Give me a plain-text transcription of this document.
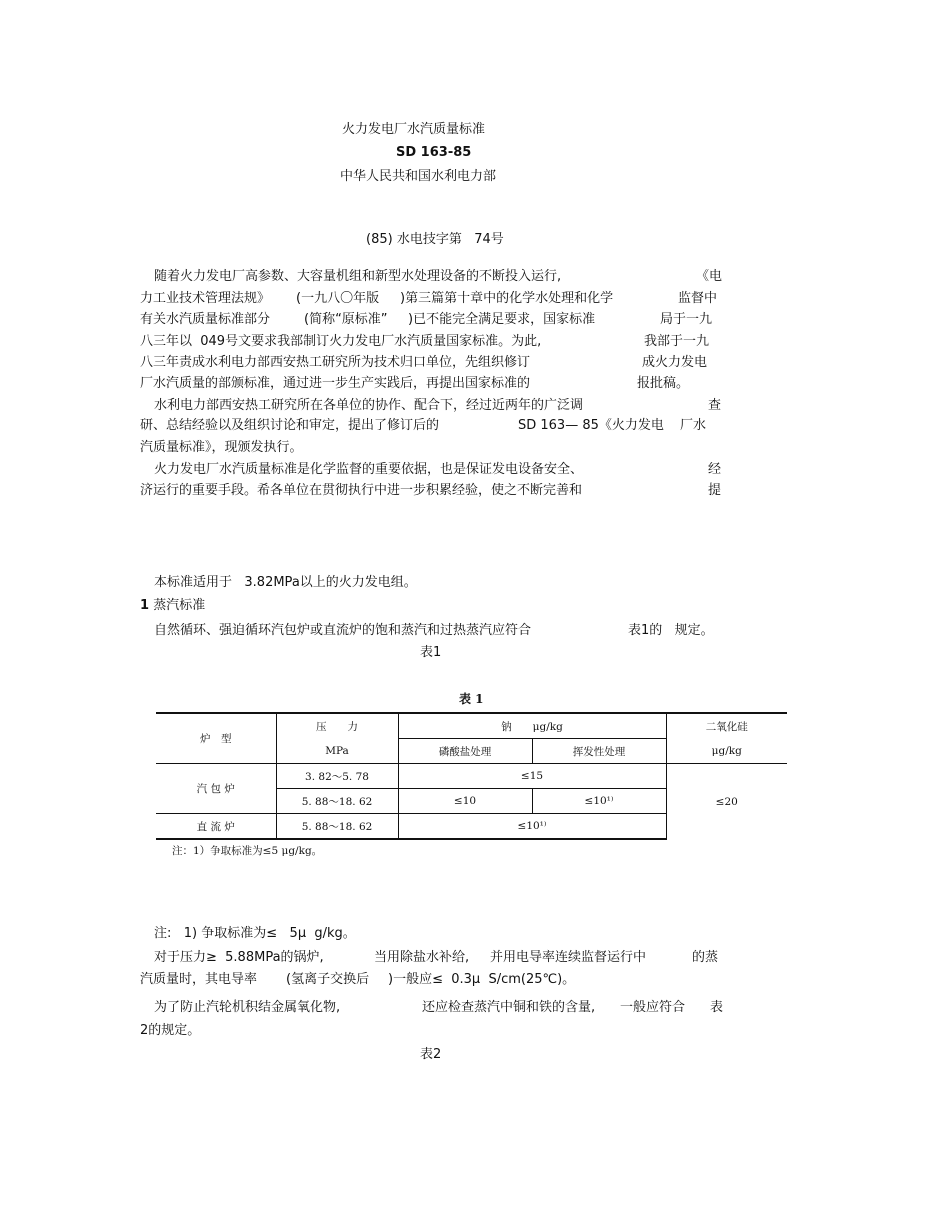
火力发电厂水汽质量标准
SD 163-85
中华人民共和国水利电力部
(85) 水电技字第   74号
随着火力发电厂高参数、大容量机组和新型水处理设备的不断投入运行,	《电
力工业技术管理法规》 (一九八〇年版 )第三篇第十章中的化学水处理和化学	监督中
有关水汽质量标准部分	(简称“原标准” )已不能完全满足要求，国家标准	局于一九
八三年以  049号文要求我部制订火力发电厂水汽质量国家标准。为此,	我部于一九
八三年责成水利电力部西安热工研究所为技术归口单位，先组织修订	成火力发电
厂水汽质量的部颁标准，通过进一步生产实践后，再提出国家标准的	报批稿。
水利电力部西安热工研究所在各单位的协作、配合下，经过近两年的广泛调	查
研、总结经验以及组织讨论和审定，提出了修订后的	SD 163— 85《火力发电 厂水
汽质量标准》，现颁发执行。
火力发电厂水汽质量标准是化学监督的重要依据，也是保证发电设备安全、	经
济运行的重要手段。希各单位在贯彻执行中进一步积累经验，使之不断完善和	提
本标准适用于   3.82MPa以上的火力发电组。
1 蒸汽标准
自然循环、强迫循环汽包炉或直流炉的饱和蒸汽和过热蒸汽应符合	表1的   规定。
表1
表 1
炉　型	压　　力	钠　　μg/kg		二氧化硅
	MPa	磷酸盐处理	挥发性处理	μg/kg
汽 包 炉	3. 82～5. 78	≤15		≤20
	5. 88～18. 62	≤10	≤10¹⁾	
直 流 炉	5. 88～18. 62	≤10¹⁾		
注：1）争取标准为≤5 μg/kg。
注:   1) 争取标准为≤   5μ  g/kg。
对于压力≥  5.88MPa的锅炉,	当用除盐水补给, 并用电导率连续监督运行中	的蒸
汽质量时，其电导率 (氢离子交换后 )一般应≤  0.3μ  S/cm(25℃)。
为了防止汽轮机积结金属氧化物,	还应检查蒸汽中铜和铁的含量, 一般应符合 表
2的规定。
表2
